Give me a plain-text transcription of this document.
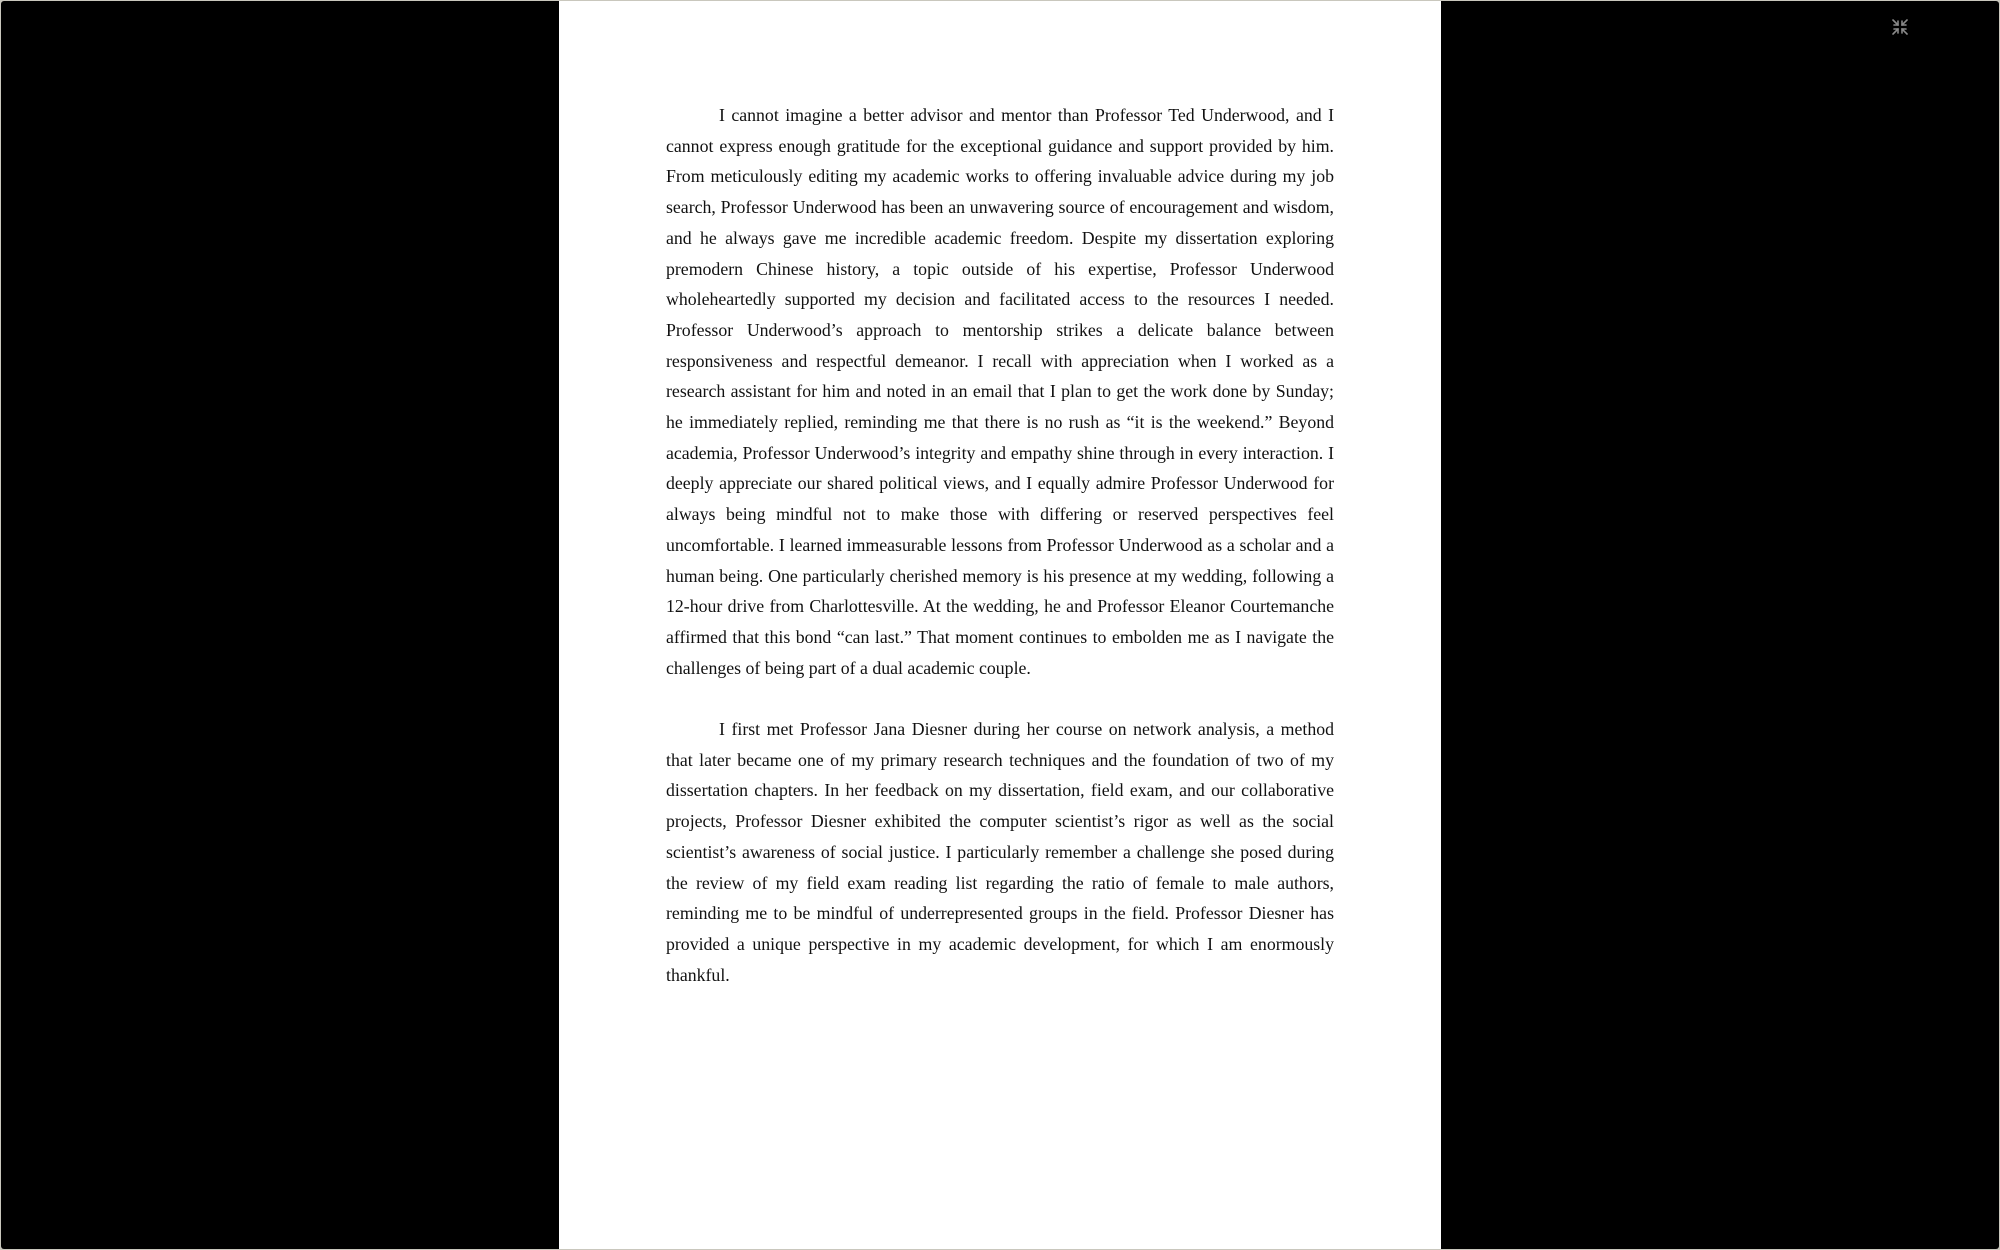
I cannot imagine a better advisor and mentor than Professor Ted Underwood, and I cannot express enough gratitude for the exceptional guidance and support provided by him. From meticulously editing my academic works to offering invaluable advice during my job search, Professor Underwood has been an unwavering source of encouragement and wisdom, and he always gave me incredible academic freedom. Despite my dissertation exploring premodern Chinese history, a topic outside of his expertise, Professor Underwood wholeheartedly supported my decision and facilitated access to the resources I needed. Professor Underwood’s approach to mentorship strikes a delicate balance between responsiveness and respectful demeanor. I recall with appreciation when I worked as a research assistant for him and noted in an email that I plan to get the work done by Sunday; he immediately replied, reminding me that there is no rush as “it is the weekend.” Beyond academia, Professor Underwood’s integrity and empathy shine through in every interaction. I deeply appreciate our shared political views, and I equally admire Professor Underwood for always being mindful not to make those with differing or reserved perspectives feel uncomfortable. I learned immeasurable lessons from Professor Underwood as a scholar and a human being. One particularly cherished memory is his presence at my wedding, following a 12-hour drive from Charlottesville. At the wedding, he and Professor Eleanor Courtemanche affirmed that this bond “can last.” That moment continues to embolden me as I navigate the challenges of being part of a dual academic couple.

I first met Professor Jana Diesner during her course on network analysis, a method that later became one of my primary research techniques and the foundation of two of my dissertation chapters. In her feedback on my dissertation, field exam, and our collaborative projects, Professor Diesner exhibited the computer scientist’s rigor as well as the social scientist’s awareness of social justice. I particularly remember a challenge she posed during the review of my field exam reading list regarding the ratio of female to male authors, reminding me to be mindful of underrepresented groups in the field. Professor Diesner has provided a unique perspective in my academic development, for which I am enormously thankful.
